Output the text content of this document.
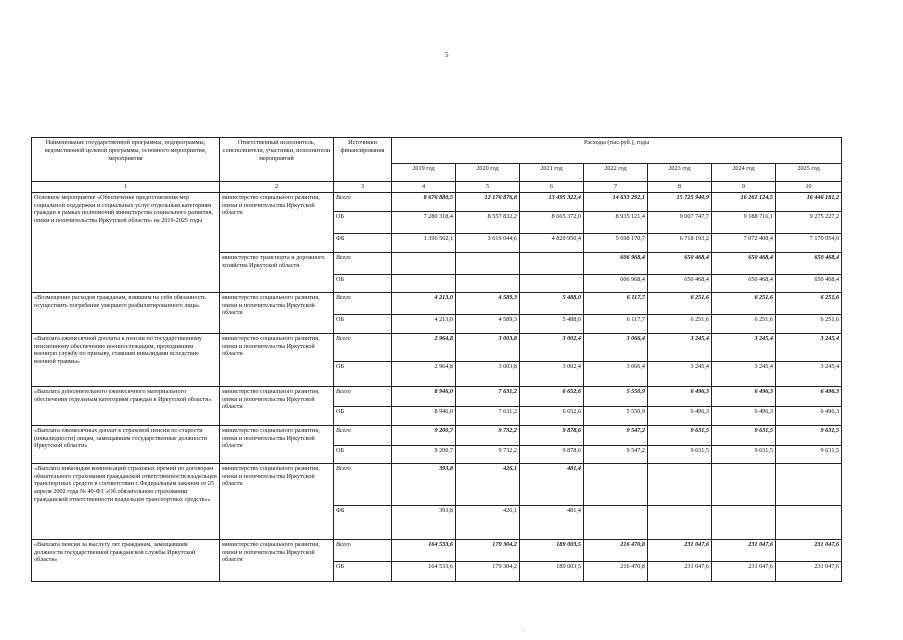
5
Наименование государственной программы, подпрограммы, ведомственной целевой программы, основного мероприятия, мероприятия	Ответственный исполнитель, соисполнители, участники, исполнители мероприятий	Источники финансирования	Расходы (тыс.руб.), годы						
			2019 год	2020 год	2021 год	2022 год	2023 год	2024 год	2025 год
1	2	3	4	5	6	7	8	9	10
Основное мероприятие «Обеспечение предоставления мер социальной поддержки и социальных услуг отдельным категориям граждан в рамках полномочий министерства социального развития, опеки и попечительства Иркутской области» на 2019-2025 годы	министерство социального развития, опеки и попечительства Иркутской области	Всего	8 676 880,5	12 176 876,8	13 495 322,4	14 633 292,1	15 725 940,9	16 261 124,5	16 446 181,2
		ОБ	7 280 318,4	8 557 832,2	8 665 372,0	8 935 121,4	9 007 747,7	9 188 716,1	9 275 227,2
		ФБ	1 396 562,1	3 619 044,6	4 829 950,4	5 698 170,7	6 718 193,2	7 072 408,4	7 170 954,0
	министерство транспорта и дорожного хозяйства Иркутской области	Всего				606 968,4	650 468,4	650 468,4	650 468,4
		ОБ				606 968,4	650 468,4	650 468,4	650 468,4
«Возмещение расходов гражданам, взявшим на себя обязанность осуществить погребение умершего реабилитированного лица»	министерство социального развития, опеки и попечительства Иркутской области	Всего	4 213,0	4 589,3	5 488,0	6 117,7	6 251,6	6 251,6	6 251,6
		ОБ	4 213,0	4 589,3	5 488,0	6 117,7	6 251,6	6 251,6	6 251,6
«Выплата ежемесячной доплаты к пенсии по государственному пенсионному обеспечению военнослужащим, проходившим военную службу по призыву, ставшим инвалидами вследствие военной травмы»	министерство социального развития, опеки и попечительства Иркутской области	Всего	2 964,8	3 003,8	3 002,4	3 066,4	3 245,4	3 245,4	3 245,4
		ОБ	2 964,8	3 003,8	3 002,4	3 066,4	3 245,4	3 245,4	3 245,4
«Выплата дополнительного ежемесячного материального обеспечения отдельным категориям граждан в Иркутской области»	министерство социального развития, опеки и попечительства Иркутской области	Всего	8 946,0	7 631,2	6 652,6	5 550,9	6 496,3	6 496,3	6 496,3
		ОБ	8 946,0	7 631,2	6 652,6	5 550,9	6 496,3	6 496,3	6 496,3
«Выплата ежемесячных доплат к страховой пенсии по старости (инвалидности) лицам, замещавшим государственные должности Иркутской области»	министерство социального развития, опеки и попечительства Иркутской области	Всего	9 200,7	9 732,2	9 878,6	9 547,2	9 631,5	9 631,5	9 631,5
		ОБ	9 200,7	9 732,2	9 878,6	9 547,2	9 631,5	9 631,5	9 631,5
«Выплата инвалидам компенсаций страховых премий по договорам обязательного страхования гражданской ответственности владельцев транспортных средств в соответствии с Федеральным законом от 25 апреля 2002 года № 40-ФЗ «Об обязательном страховании гражданской ответственности владельцев транспортных средств»»	министерство социального развития, опеки и попечительства Иркутской области	Всего	393,8	426,1	481,4				
		ФБ	393,8	426,1	481,4				
«Выплата пенсии за выслугу лет гражданам, замещавшим должности государственной гражданской службы Иркутской области»	министерство социального развития, опеки и попечительства Иркутской области	Всего	164 533,6	179 304,2	189 003,5	216 470,8	231 047,6	231 047,6	231 047,6
		ОБ	164 533,6	179 304,2	189 003,5	216 470,8	231 047,6	231 047,6	231 047,6
·
